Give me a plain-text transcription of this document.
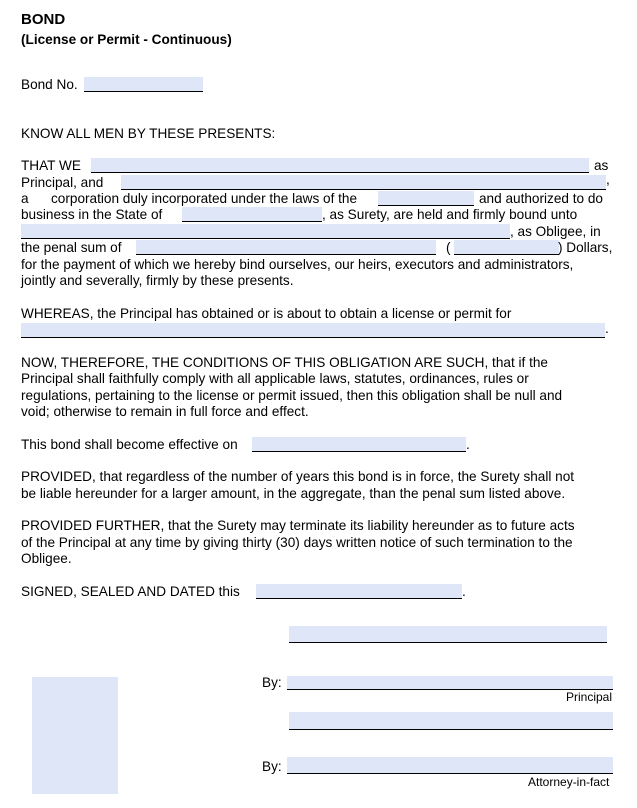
BOND
(License or Permit - Continuous)
Bond No.
KNOW ALL MEN BY THESE PRESENTS:
THAT WE	as
Principal, and	,
a corporation duly incorporated under the laws of the	and authorized to do
business in the State of	, as Surety, are held and firmly bound unto
, as Obligee, in
the penal sum of	(	) Dollars,
for the payment of which we hereby bind ourselves, our heirs, executors and administrators,
jointly and severally, firmly by these presents.
WHEREAS, the Principal has obtained or is about to obtain a license or permit for
.
NOW, THEREFORE, THE CONDITIONS OF THIS OBLIGATION ARE SUCH, that if the
Principal shall faithfully comply with all applicable laws, statutes, ordinances, rules or
regulations, pertaining to the license or permit issued, then this obligation shall be null and
void; otherwise to remain in full force and effect.
This bond shall become effective on	.
PROVIDED, that regardless of the number of years this bond is in force, the Surety shall not
be liable hereunder for a larger amount, in the aggregate, than the penal sum listed above.
PROVIDED FURTHER, that the Surety may terminate its liability hereunder as to future acts
of the Principal at any time by giving thirty (30) days written notice of such termination to the
Obligee.
SIGNED, SEALED AND DATED this	.
By:
Principal
By:
Attorney-in-fact
